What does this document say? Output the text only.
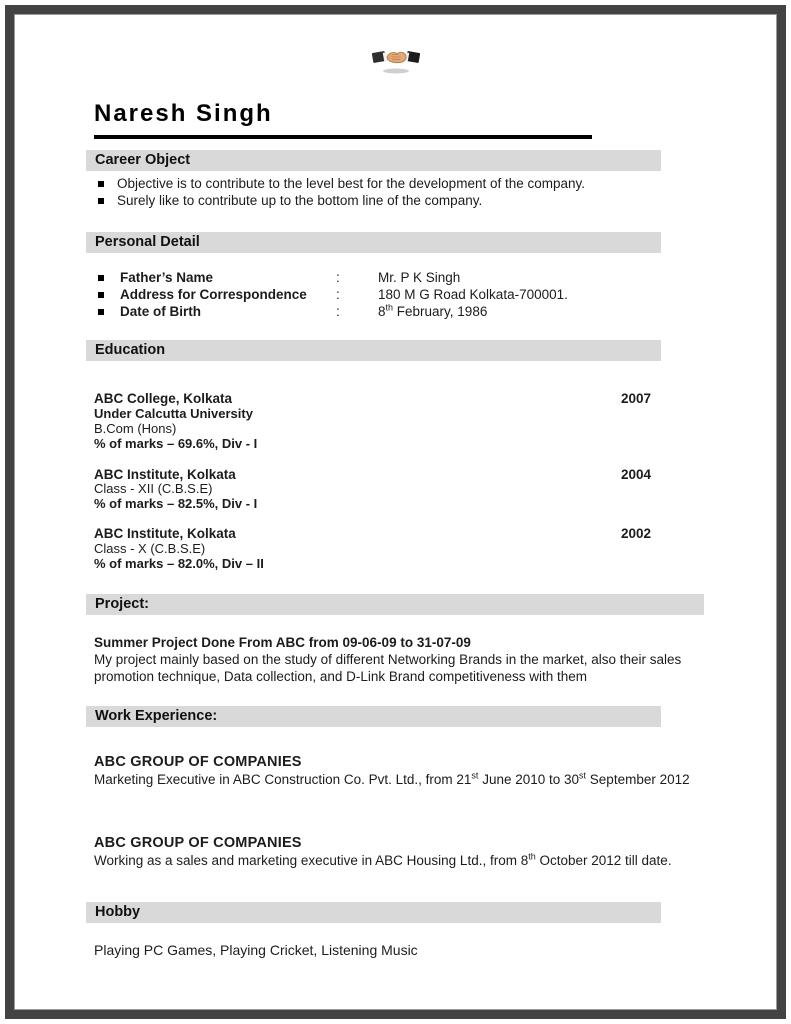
Naresh Singh
Career Object
Objective is to contribute to the level best for the development of the company.
Surely like to contribute up to the bottom line of the company.
Personal Detail
Father’s Name	:	Mr. P K Singh
Address for Correspondence	:	180 M G Road Kolkata-700001.
Date of Birth	:	8th February, 1986
Education
ABC College, Kolkata	2007
Under Calcutta University
B.Com (Hons)
% of marks – 69.6%, Div - I
ABC Institute, Kolkata	2004
Class - XII (C.B.S.E)
% of marks – 82.5%, Div - I
ABC Institute, Kolkata	2002
Class - X (C.B.S.E)
% of marks – 82.0%, Div – II
Project:
Summer Project Done From ABC from 09-06-09 to 31-07-09
My project mainly based on the study of different Networking Brands in the market, also their sales promotion technique, Data collection, and D-Link Brand competitiveness with them
Work Experience:
ABC GROUP OF COMPANIES
Marketing Executive in ABC Construction Co. Pvt. Ltd., from 21st June 2010 to 30st September 2012
ABC GROUP OF COMPANIES
Working as a sales and marketing executive in ABC Housing Ltd., from 8th October 2012 till date.
Hobby
Playing PC Games, Playing Cricket, Listening Music
